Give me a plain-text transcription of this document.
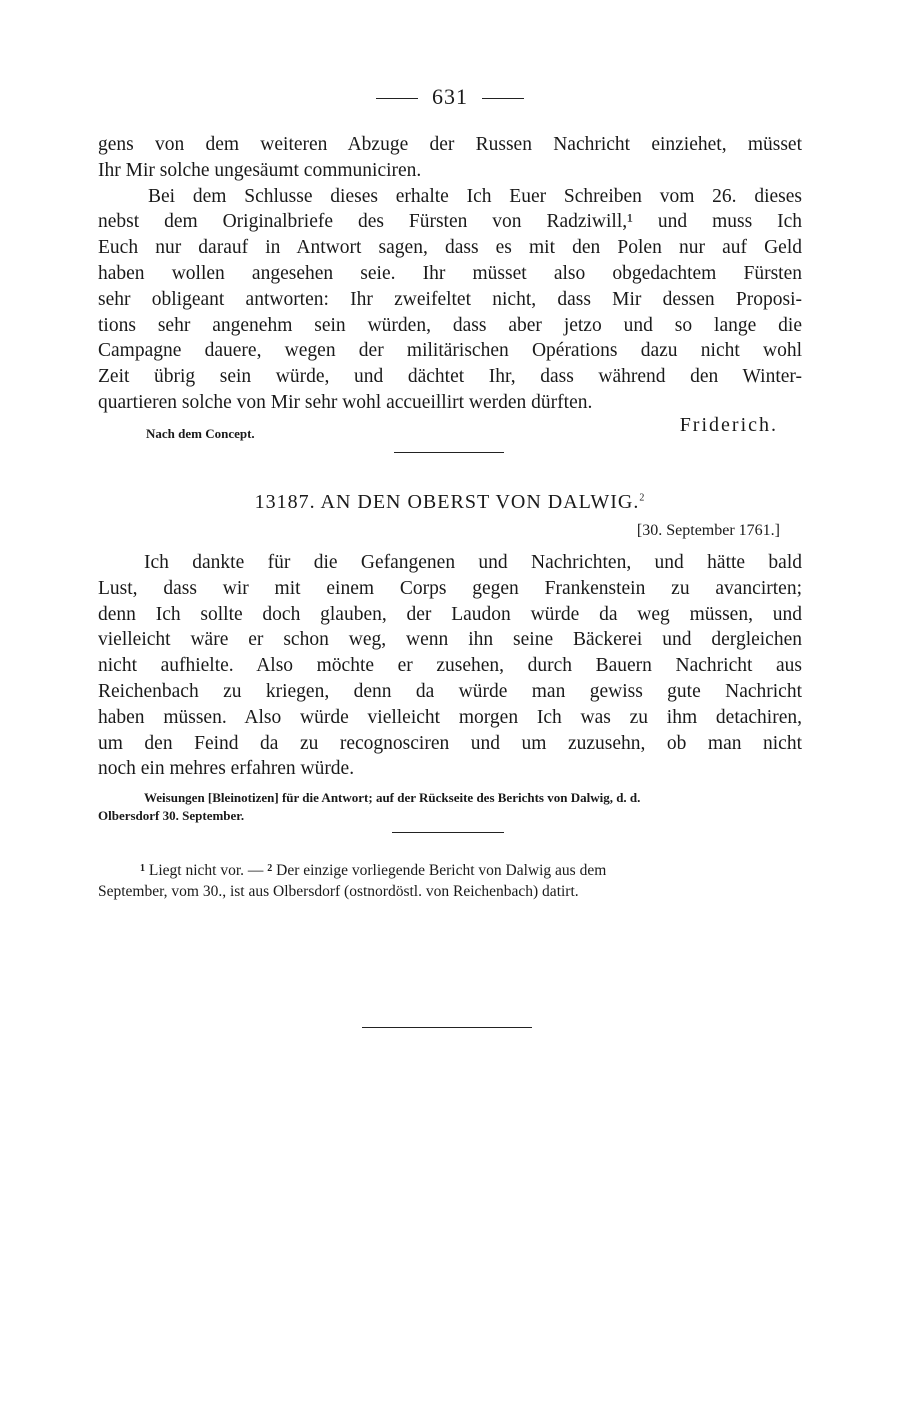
631

gens von dem weiteren Abzuge der Russen Nachricht einziehet, müsset
Ihr Mir solche ungesäumt communiciren.

Bei dem Schlusse dieses erhalte Ich Euer Schreiben vom 26. dieses
nebst dem Originalbriefe des Fürsten von Radziwill,¹ und muss Ich
Euch nur darauf in Antwort sagen, dass es mit den Polen nur auf Geld
haben wollen angesehen seie. Ihr müsset also obgedachtem Fürsten
sehr obligeant antworten: Ihr zweifeltet nicht, dass Mir dessen Proposi-
tions sehr angenehm sein würden, dass aber jetzo und so lange die
Campagne dauere, wegen der militärischen Opérations dazu nicht wohl
Zeit übrig sein würde, und dächtet Ihr, dass während den Winter-
quartieren solche von Mir sehr wohl accueillirt werden dürften.

Nach dem Concept.	Friderich.
13187. AN DEN OBERST VON DALWIG.$^2$
[30. September 1761.]

Ich dankte für die Gefangenen und Nachrichten, und hätte bald
Lust, dass wir mit einem Corps gegen Frankenstein zu avancirten;
denn Ich sollte doch glauben, der Laudon würde da weg müssen, und
vielleicht wäre er schon weg, wenn ihn seine Bäckerei und dergleichen
nicht aufhielte. Also möchte er zusehen, durch Bauern Nachricht aus
Reichenbach zu kriegen, denn da würde man gewiss gute Nachricht
haben müssen. Also würde vielleicht morgen Ich was zu ihm detachiren,
um den Feind da zu recognosciren und um zuzusehn, ob man nicht
noch ein mehres erfahren würde.

Weisungen [Bleinotizen] für die Antwort; auf der Rückseite des Berichts von Dalwig, d. d.
Olbersdorf 30. September.
$^1$ Liegt nicht vor. — $^2$ Der einzige vorliegende Bericht von Dalwig aus dem
September, vom 30., ist aus Olbersdorf (ostnordöstl. von Reichenbach) datirt.
